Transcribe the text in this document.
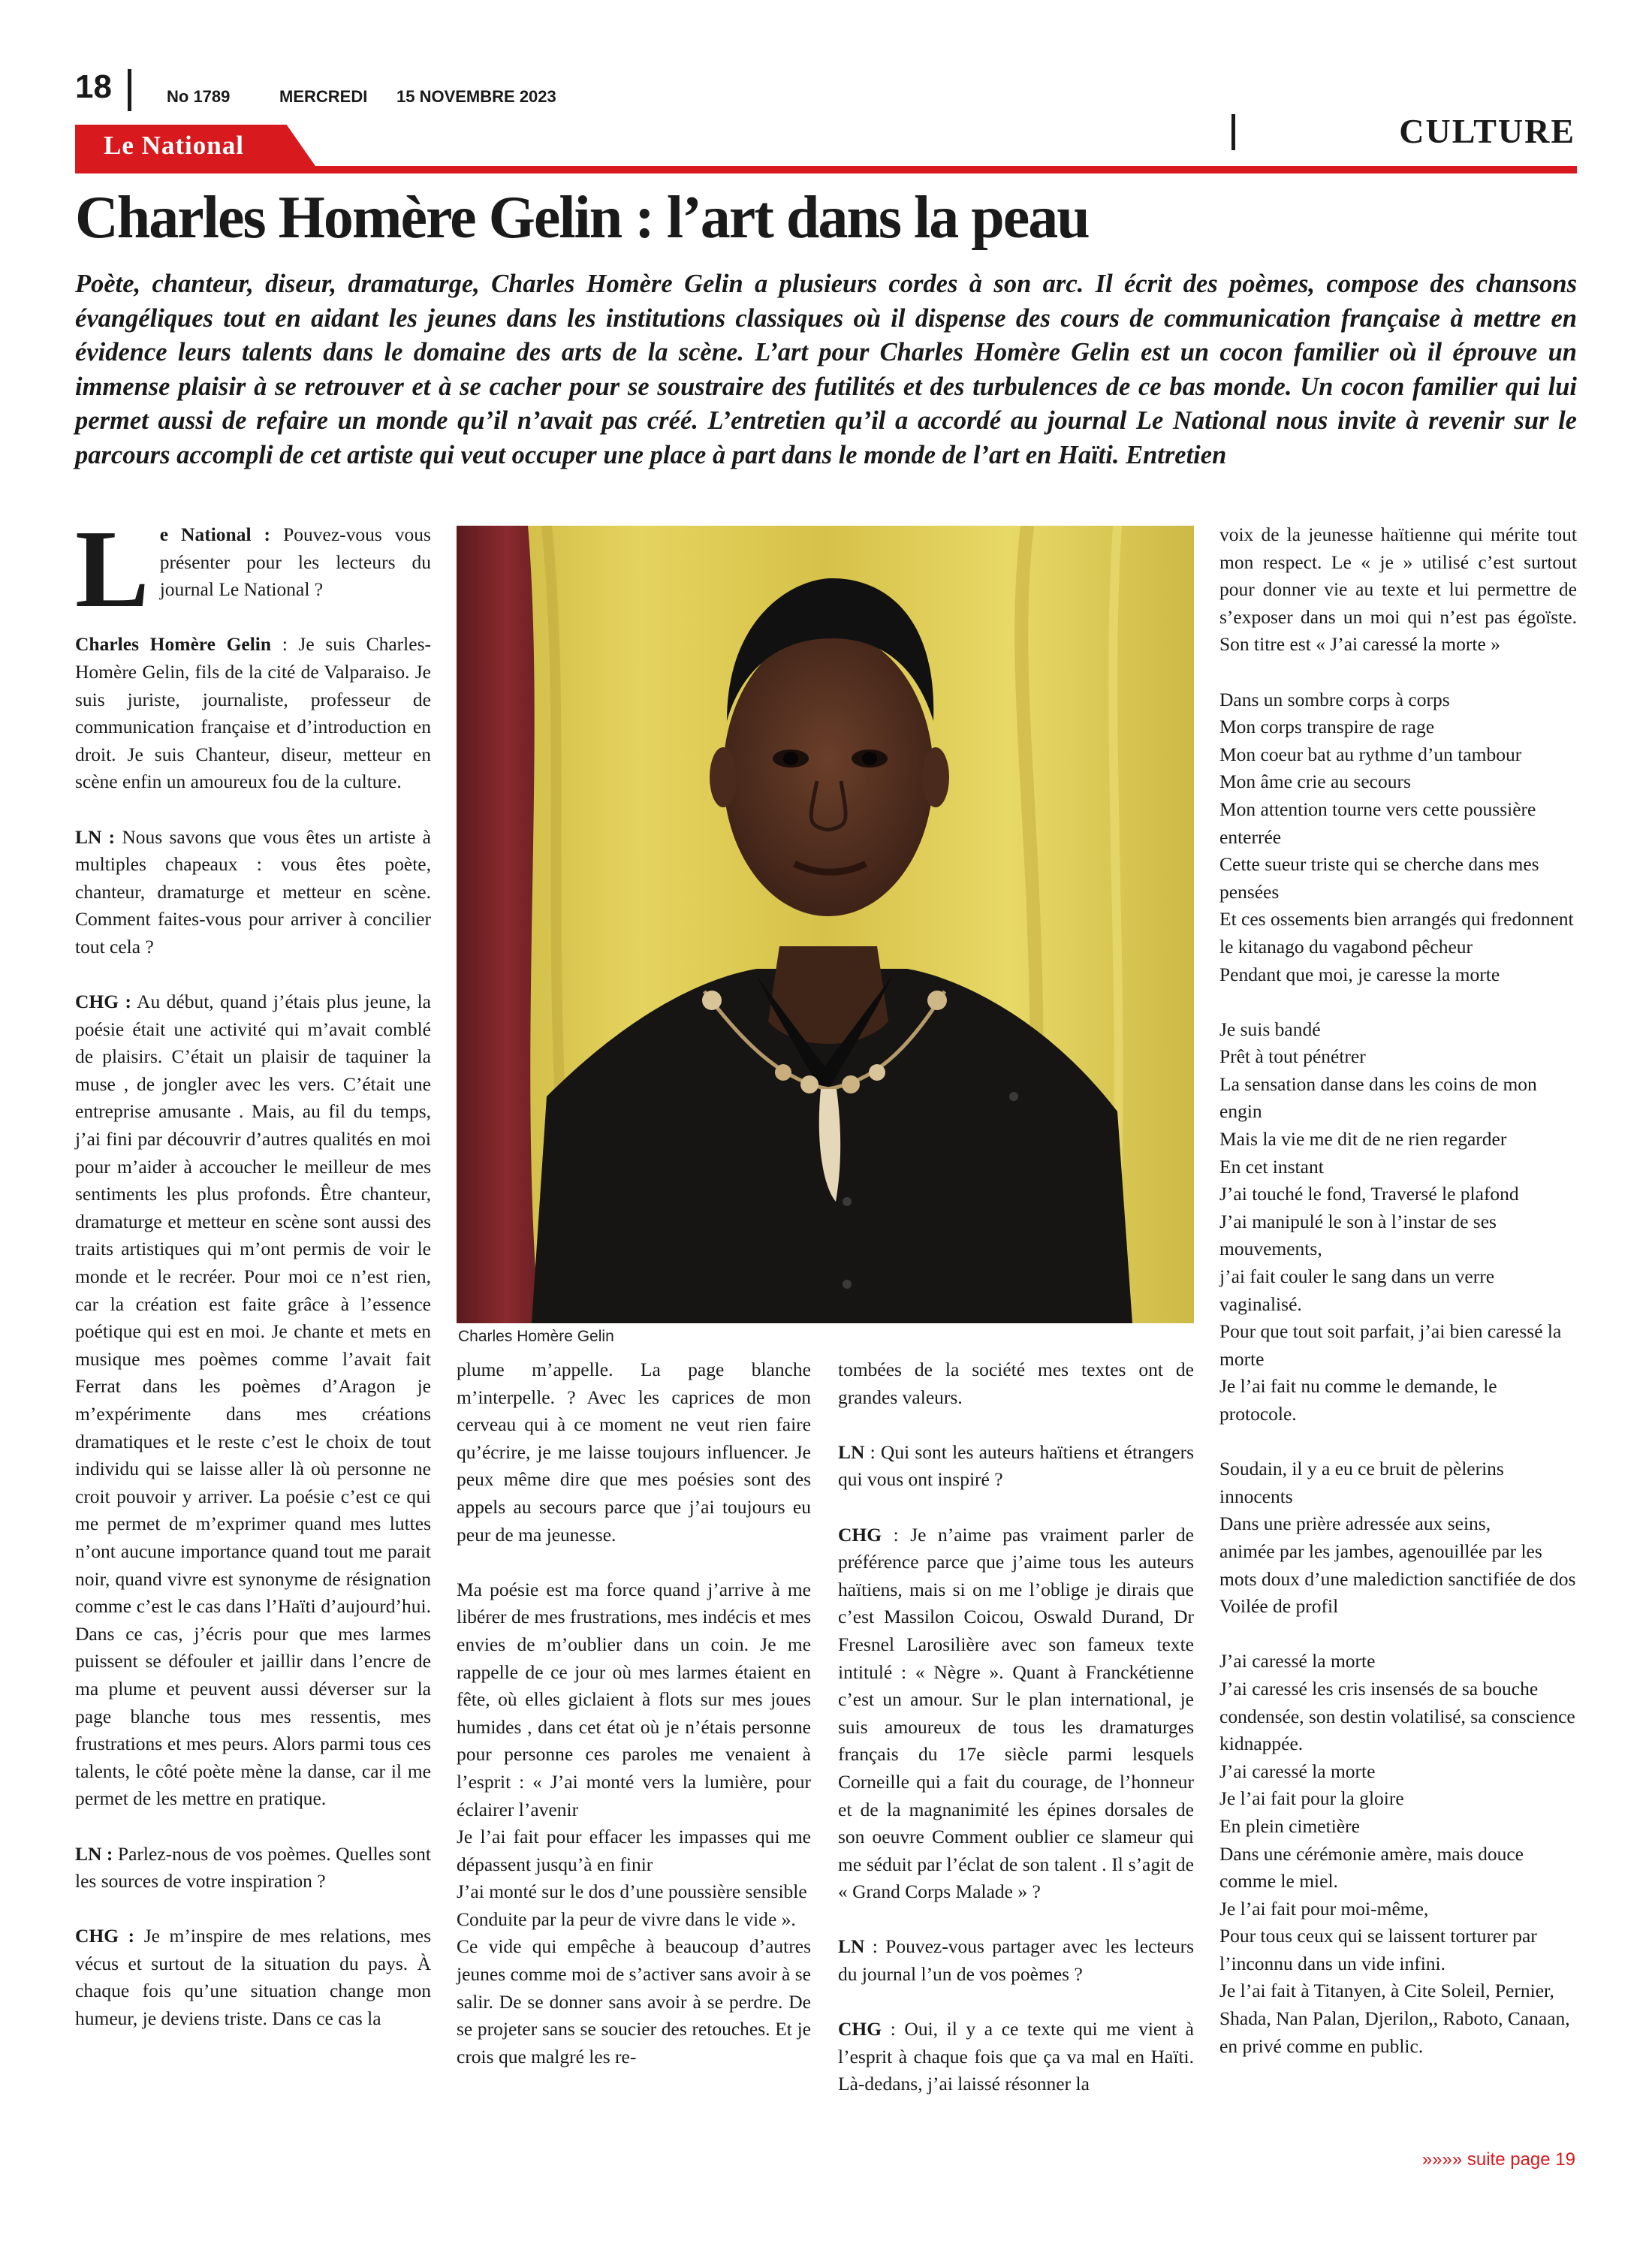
18	No 1789	MERCREDI 15 NOVEMBRE 2023
Le National	CULTURE
Charles Homère Gelin : l’art dans la peau

Poète, chanteur, diseur, dramaturge, Charles Homère Gelin a plusieurs cordes à son arc. Il écrit des poèmes, compose des chansons évangéliques tout en aidant les jeunes dans les institutions classiques où il dispense des cours de communication française à mettre en évidence leurs talents dans le domaine des arts de la scène. L’art pour Charles Homère Gelin est un cocon familier où il éprouve un immense plaisir à se retrouver et à se cacher pour se soustraire des futilités et des turbulences de ce bas monde. Un cocon familier qui lui permet aussi de refaire un monde qu’il n’avait pas créé. L’entretien qu’il a accordé au journal Le National nous invite à revenir sur le parcours accompli de cet artiste qui veut occuper une place à part dans le monde de l’art en Haïti. Entretien

Le National : Pouvez-vous vous présenter pour les lecteurs du journal Le National ?

Charles Homère Gelin : Je suis Charles-Homère Gelin, fils de la cité de Valparaiso. Je suis juriste, journaliste, professeur de communication française et d’introduction en droit. Je suis Chanteur, diseur, metteur en scène enfin un amoureux fou de la culture.

LN : Nous savons que vous êtes un artiste à multiples chapeaux : vous êtes poète, chanteur, dramaturge et metteur en scène. Comment faites-vous pour arriver à concilier tout cela ?

CHG : Au début, quand j’étais plus jeune, la poésie était une activité qui m’avait comblé de plaisirs. C’était un plaisir de taquiner la muse , de jongler avec les vers. C’était une entreprise amusante . Mais, au fil du temps, j’ai fini par découvrir d’autres qualités en moi pour m’aider à accoucher le meilleur de mes sentiments les plus profonds. Être chanteur, dramaturge et metteur en scène sont aussi des traits artistiques qui m’ont permis de voir le monde et le recréer. Pour moi ce n’est rien, car la création est faite grâce à l’essence poétique qui est en moi. Je chante et mets en musique mes poèmes comme l’avait fait Ferrat dans les poèmes d’Aragon je m’expérimente dans mes créations dramatiques et le reste c’est le choix de tout individu qui se laisse aller là où personne ne croit pouvoir y arriver. La poésie c’est ce qui me permet de m’exprimer quand mes luttes n’ont aucune importance quand tout me parait noir, quand vivre est synonyme de résignation comme c’est le cas dans l’Haïti d’aujourd’hui. Dans ce cas, j’écris pour que mes larmes puissent se défouler et jaillir dans l’encre de ma plume et peuvent aussi déverser sur la page blanche tous mes ressentis, mes frustrations et mes peurs. Alors parmi tous ces talents, le côté poète mène la danse, car il me permet de les mettre en pratique.

LN : Parlez-nous de vos poèmes. Quelles sont les sources de votre inspiration ?

CHG : Je m’inspire de mes relations, mes vécus et surtout de la situation du pays. À chaque fois qu’une situation change mon humeur, je deviens triste. Dans ce cas la

Charles Homère Gelin

plume m’appelle. La page blanche m’interpelle. ? Avec les caprices de mon cerveau qui à ce moment ne veut rien faire qu’écrire, je me laisse toujours influencer. Je peux même dire que mes poésies sont des appels au secours parce que j’ai toujours eu peur de ma jeunesse.

Ma poésie est ma force quand j’arrive à me libérer de mes frustrations, mes indécis et mes envies de m’oublier dans un coin. Je me rappelle de ce jour où mes larmes étaient en fête, où elles giclaient à flots sur mes joues humides , dans cet état où je n’étais personne pour personne ces paroles me venaient à l’esprit : « J’ai monté vers la lumière, pour éclairer l’avenir

Je l’ai fait pour effacer les impasses qui me dépassent jusqu’à en finir

J’ai monté sur le dos d’une poussière sensible

Conduite par la peur de vivre dans le vide ».

Ce vide qui empêche à beaucoup d’autres jeunes comme moi de s’activer sans avoir à se salir. De se donner sans avoir à se perdre. De se projeter sans se soucier des retouches. Et je crois que malgré les re-

tombées de la société mes textes ont de grandes valeurs.

LN : Qui sont les auteurs haïtiens et étrangers qui vous ont inspiré ?

CHG : Je n’aime pas vraiment parler de préférence parce que j’aime tous les auteurs haïtiens, mais si on me l’oblige je dirais que c’est Massilon Coicou, Oswald Durand, Dr Fresnel Larosilière avec son fameux texte intitulé : « Nègre ». Quant à Franckétienne c’est un amour. Sur le plan international, je suis amoureux de tous les dramaturges français du 17e siècle parmi lesquels Corneille qui a fait du courage, de l’honneur et de la magnanimité les épines dorsales de son oeuvre Comment oublier ce slameur qui me séduit par l’éclat de son talent . Il s’agit de « Grand Corps Malade » ?

LN : Pouvez-vous partager avec les lecteurs du journal l’un de vos poèmes ?

CHG : Oui, il y a ce texte qui me vient à l’esprit à chaque fois que ça va mal en Haïti. Là-dedans, j’ai laissé résonner la

voix de la jeunesse haïtienne qui mérite tout mon respect. Le « je » utilisé c’est surtout pour donner vie au texte et lui permettre de s’exposer dans un moi qui n’est pas égoïste. Son titre est « J’ai caressé la morte »

Dans un sombre corps à corps
Mon corps transpire de rage
Mon coeur bat au rythme d’un tambour
Mon âme crie au secours
Mon attention tourne vers cette poussière enterrée
Cette sueur triste qui se cherche dans mes pensées
Et ces ossements bien arrangés qui fredonnent le kitanago du vagabond pêcheur
Pendant que moi, je caresse la morte

Je suis bandé
Prêt à tout pénétrer
La sensation danse dans les coins de mon engin
Mais la vie me dit de ne rien regarder
En cet instant
J’ai touché le fond, Traversé le plafond
J’ai manipulé le son à l’instar de ses mouvements,
j’ai fait couler le sang dans un verre vaginalisé.
Pour que tout soit parfait, j’ai bien caressé la morte
Je l’ai fait nu comme le demande, le protocole.

Soudain, il y a eu ce bruit de pèlerins innocents
Dans une prière adressée aux seins,
animée par les jambes, agenouillée par les mots doux d’une malediction sanctifiée de dos
Voilée de profil

J’ai caressé la morte
J’ai caressé les cris insensés de sa bouche condensée, son destin volatilisé, sa conscience kidnappée.
J’ai caressé la morte
Je l’ai fait pour la gloire
En plein cimetière
Dans une cérémonie amère, mais douce comme le miel.
Je l’ai fait pour moi-même,
Pour tous ceux qui se laissent torturer par l’inconnu dans un vide infini.
Je l’ai fait à Titanyen, à Cite Soleil, Pernier, Shada, Nan Palan, Djerilon,, Raboto, Canaan, en privé comme en public.

»»»» suite page 19
